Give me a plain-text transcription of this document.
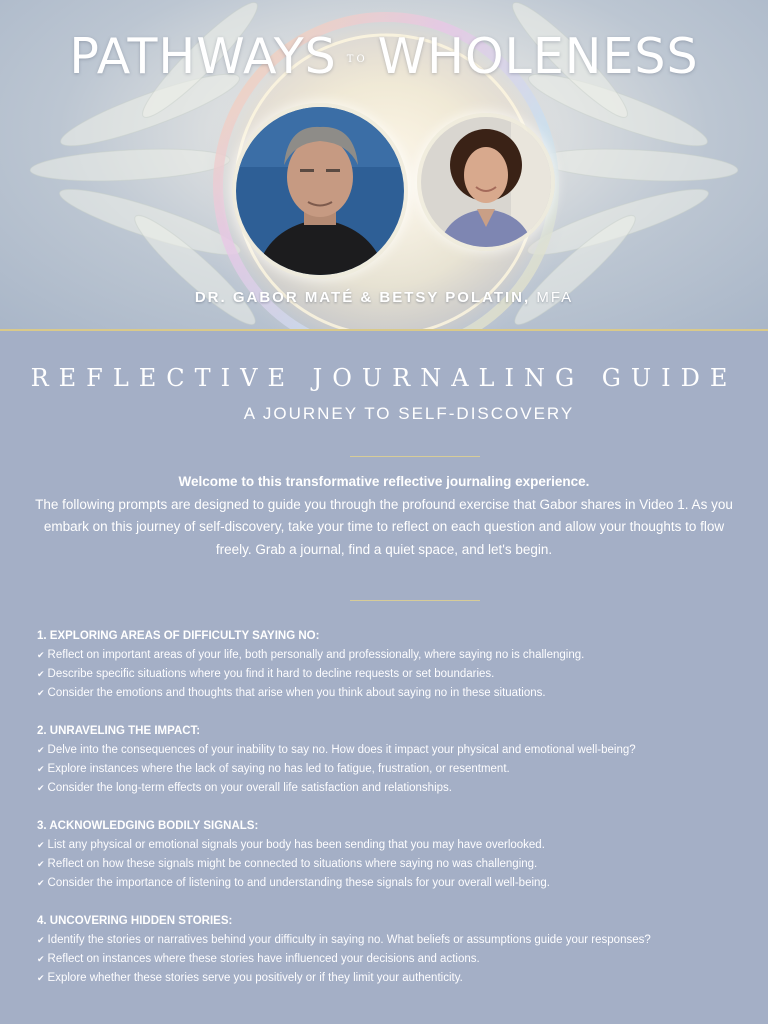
PATHWAYS TO WHOLENESS
DR. GABOR MATÉ & BETSY POLATIN, MFA
REFLECTIVE JOURNALING GUIDE
A JOURNEY TO SELF-DISCOVERY
Welcome to this transformative reflective journaling experience.
The following prompts are designed to guide you through the profound exercise that Gabor shares in Video 1. As you embark on this journey of self-discovery, take your time to reflect on each question and allow your thoughts to flow freely. Grab a journal, find a quiet space, and let's begin.
1. EXPLORING AREAS OF DIFFICULTY SAYING NO:
✔ Reflect on important areas of your life, both personally and professionally, where saying no is challenging.
✔ Describe specific situations where you find it hard to decline requests or set boundaries.
✔ Consider the emotions and thoughts that arise when you think about saying no in these situations.
2. UNRAVELING THE IMPACT:
✔ Delve into the consequences of your inability to say no. How does it impact your physical and emotional well-being?
✔ Explore instances where the lack of saying no has led to fatigue, frustration, or resentment.
✔ Consider the long-term effects on your overall life satisfaction and relationships.
3. ACKNOWLEDGING BODILY SIGNALS:
✔ List any physical or emotional signals your body has been sending that you may have overlooked.
✔ Reflect on how these signals might be connected to situations where saying no was challenging.
✔ Consider the importance of listening to and understanding these signals for your overall well-being.
4. UNCOVERING HIDDEN STORIES:
✔ Identify the stories or narratives behind your difficulty in saying no. What beliefs or assumptions guide your responses?
✔ Reflect on instances where these stories have influenced your decisions and actions.
✔ Explore whether these stories serve you positively or if they limit your authenticity.
